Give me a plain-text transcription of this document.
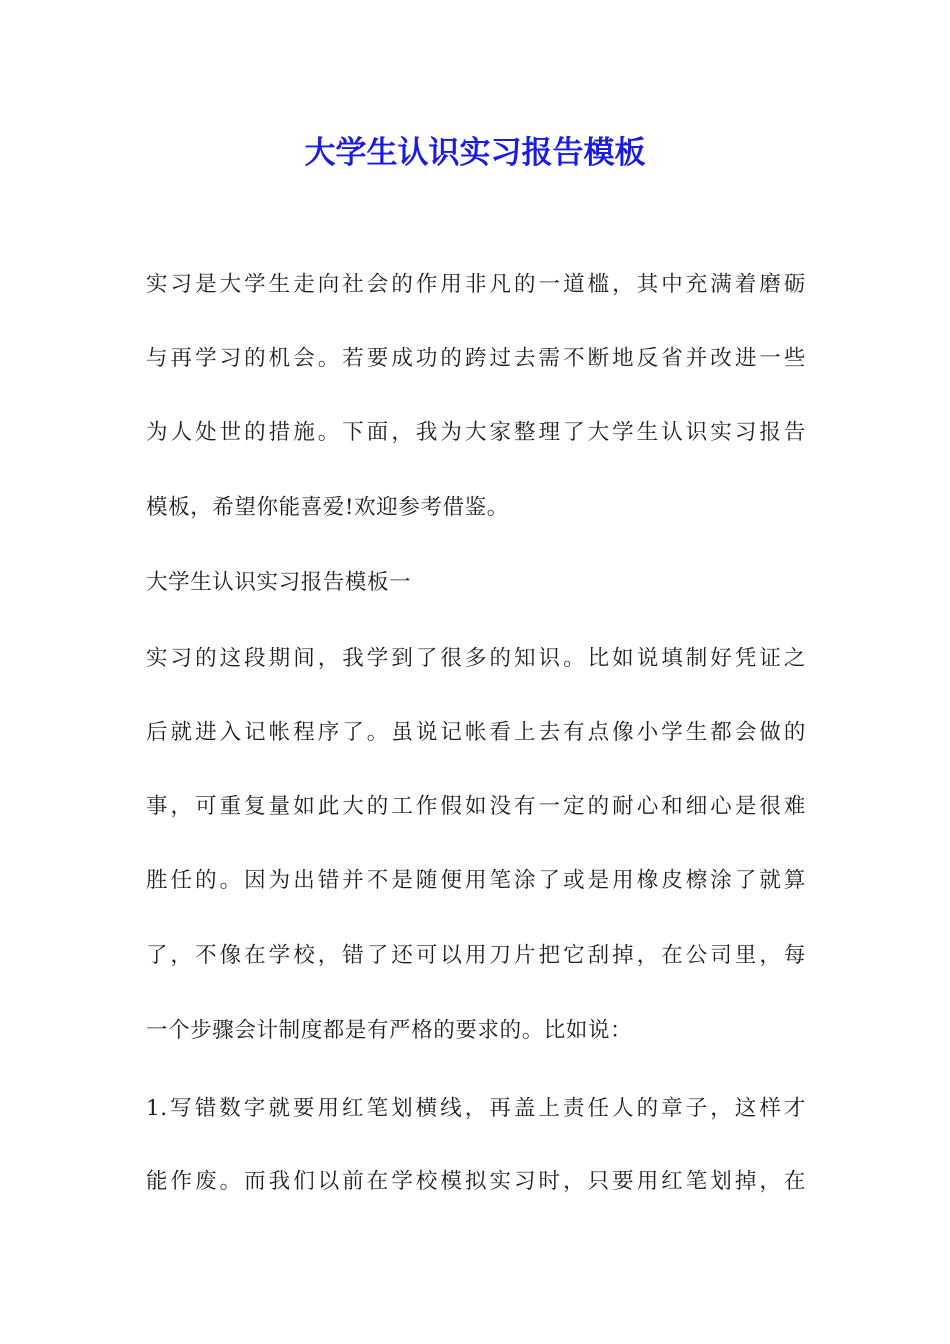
大学生认识实习报告模板

实习是大学生走向社会的作用非凡的一道槛，其中充满着磨砺

与再学习的机会。若要成功的跨过去需不断地反省并改进一些

为人处世的措施。下面，我为大家整理了大学生认识实习报告

模板，希望你能喜爱!欢迎参考借鉴。

大学生认识实习报告模板一

实习的这段期间，我学到了很多的知识。比如说填制好凭证之

后就进入记帐程序了。虽说记帐看上去有点像小学生都会做的

事，可重复量如此大的工作假如没有一定的耐心和细心是很难

胜任的。因为出错并不是随便用笔涂了或是用橡皮檫涂了就算

了，不像在学校，错了还可以用刀片把它刮掉，在公司里，每

一个步骤会计制度都是有严格的要求的。比如说：

1.写错数字就要用红笔划横线，再盖上责任人的章子，这样才

能作废。而我们以前在学校模拟实习时，只要用红笔划掉，在
